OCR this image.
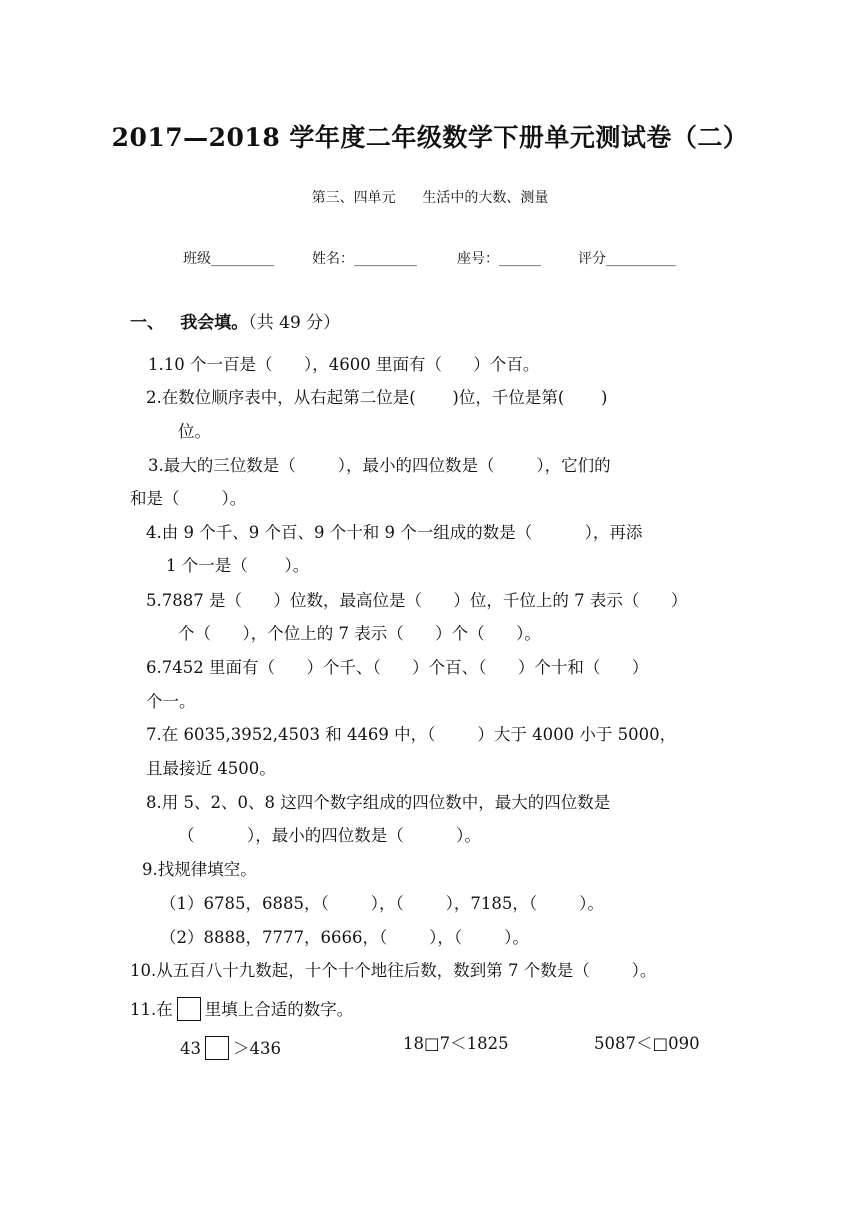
2017—2018 学年度二年级数学下册单元测试卷（二）
第三、四单元      生活中的大数、测量
班级_________	姓名：_________	座号：______	评分__________
一、 我会填。（共 49 分）
1.10 个一百是（      ），4600 里面有（      ）个百。
2.在数位顺序表中，从右起第二位是(       )位，千位是第(       )
位。
3.最大的三位数是（        ），最小的四位数是（        ），它们的
和是（        ）。
4.由 9 个千、9 个百、9 个十和 9 个一组成的数是（          ），再添
1 个一是（       ）。
5.7887 是（      ）位数，最高位是（      ）位，千位上的 7 表示（      ）
个（      ），个位上的 7 表示（      ）个（      ）。
6.7452 里面有（      ）个千、（      ）个百、（      ）个十和（      ）
个一。
7.在 6035,3952,4503 和 4469 中，（        ）大于 4000 小于 5000，
且最接近 4500。
8.用 5、2、0、8 这四个数字组成的四位数中，最大的四位数是
（          ），最小的四位数是（          ）。
9.找规律填空。
（1）6785，6885，（        ），（        ），7185，（        ）。
（2）8888，7777，6666，（        ），（        ）。
10.从五百八十九数起，十个十个地往后数，数到第 7 个数是（        ）。
11.在 里填上合适的数字。
43 ＞436	18□7＜1825	5087＜□090
